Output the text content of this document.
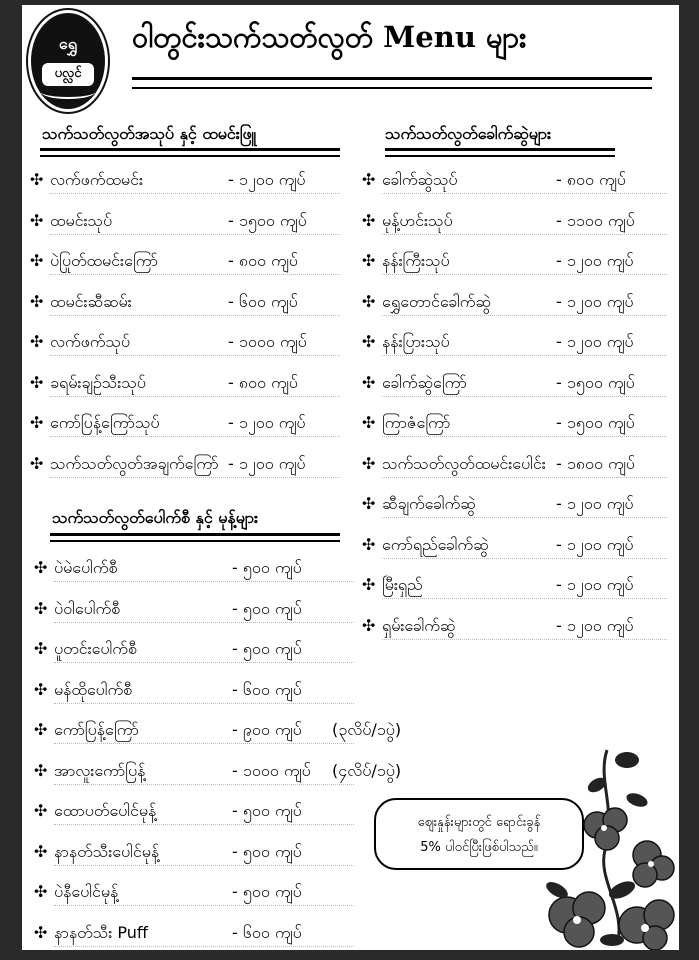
ရွှေ
ပလ္လင်
ဝါတွင်းသက်သတ်လွတ် Menu များ
သက်သတ်လွတ်အသုပ် နှင့် ထမင်းဖြူ
✣ လက်ဖက်ထမင်း	- ၁၂၀၀ ကျပ်
✣ ထမင်းသုပ်	- ၁၅၀၀ ကျပ်
✣ ပဲပြုတ်ထမင်းကြော်	- ၈၀၀ ကျပ်
✣ ထမင်းဆီဆမ်း	- ၆၀၀ ကျပ်
✣ လက်ဖက်သုပ်	- ၁၀၀၀ ကျပ်
✣ ခရမ်းချဉ်သီးသုပ်	- ၈၀၀ ကျပ်
✣ ကော်ပြန့်ကြော်သုပ်	- ၁၂၀၀ ကျပ်
✣ သက်သတ်လွတ်အချက်ကြော် - ၁၂၀၀ ကျပ်
သက်သတ်လွတ်ပေါက်စီ နှင့် မုန့်များ
✣ ပဲမဲပေါက်စီ	- ၅၀၀ ကျပ်
✣ ပဲဝါပေါက်စီ	- ၅၀၀ ကျပ်
✣ ပူတင်းပေါက်စီ	- ၅၀၀ ကျပ်
✣ မန်ထိုပေါက်စီ	- ၆၀၀ ကျပ်
✣ ကော်ပြန့်ကြော်	- ၉၀၀ ကျပ် (၃လိပ်/၁ပွဲ)
✣ အာလူးကော်ပြန့်	- ၁၀၀၀ ကျပ် (၄လိပ်/၁ပွဲ)
✣ ထောပတ်ပေါင်မုန့်	- ၅၀၀ ကျပ်
✣ နာနတ်သီးပေါင်မုန့်	- ၅၀၀ ကျပ်
✣ ပဲနီပေါင်မုန့်	- ၅၀၀ ကျပ်
✣ နာနတ်သီး Puff	- ၆၀၀ ကျပ်
သက်သတ်လွတ်ခေါက်ဆွဲများ
✣ ခေါက်ဆွဲသုပ်	- ၈၀၀ ကျပ်
✣ မုန့်ဟင်းသုပ်	- ၁၁၀၀ ကျပ်
✣ နန်းကြီးသုပ်	- ၁၂၀၀ ကျပ်
✣ ရွှေတောင်ခေါက်ဆွဲ	- ၁၂၀၀ ကျပ်
✣ နန်းပြားသုပ်	- ၁၂၀၀ ကျပ်
✣ ခေါက်ဆွဲကြော်	- ၁၅၀၀ ကျပ်
✣ ကြာဇံကြော်	- ၁၅၀၀ ကျပ်
✣ သက်သတ်လွတ်ထမင်းပေါင်း - ၁၈၀၀ ကျပ်
✣ ဆီချက်ခေါက်ဆွဲ	- ၁၂၀၀ ကျပ်
✣ ကော်ရည်ခေါက်ဆွဲ	- ၁၂၀၀ ကျပ်
✣ မြီးရှည်	- ၁၂၀၀ ကျပ်
✣ ရှမ်းခေါက်ဆွဲ	- ၁၂၀၀ ကျပ်
ဈေးနှုန်းများတွင် ရောင်းခွန်
5% ပါဝင်ပြီးဖြစ်ပါသည်။
